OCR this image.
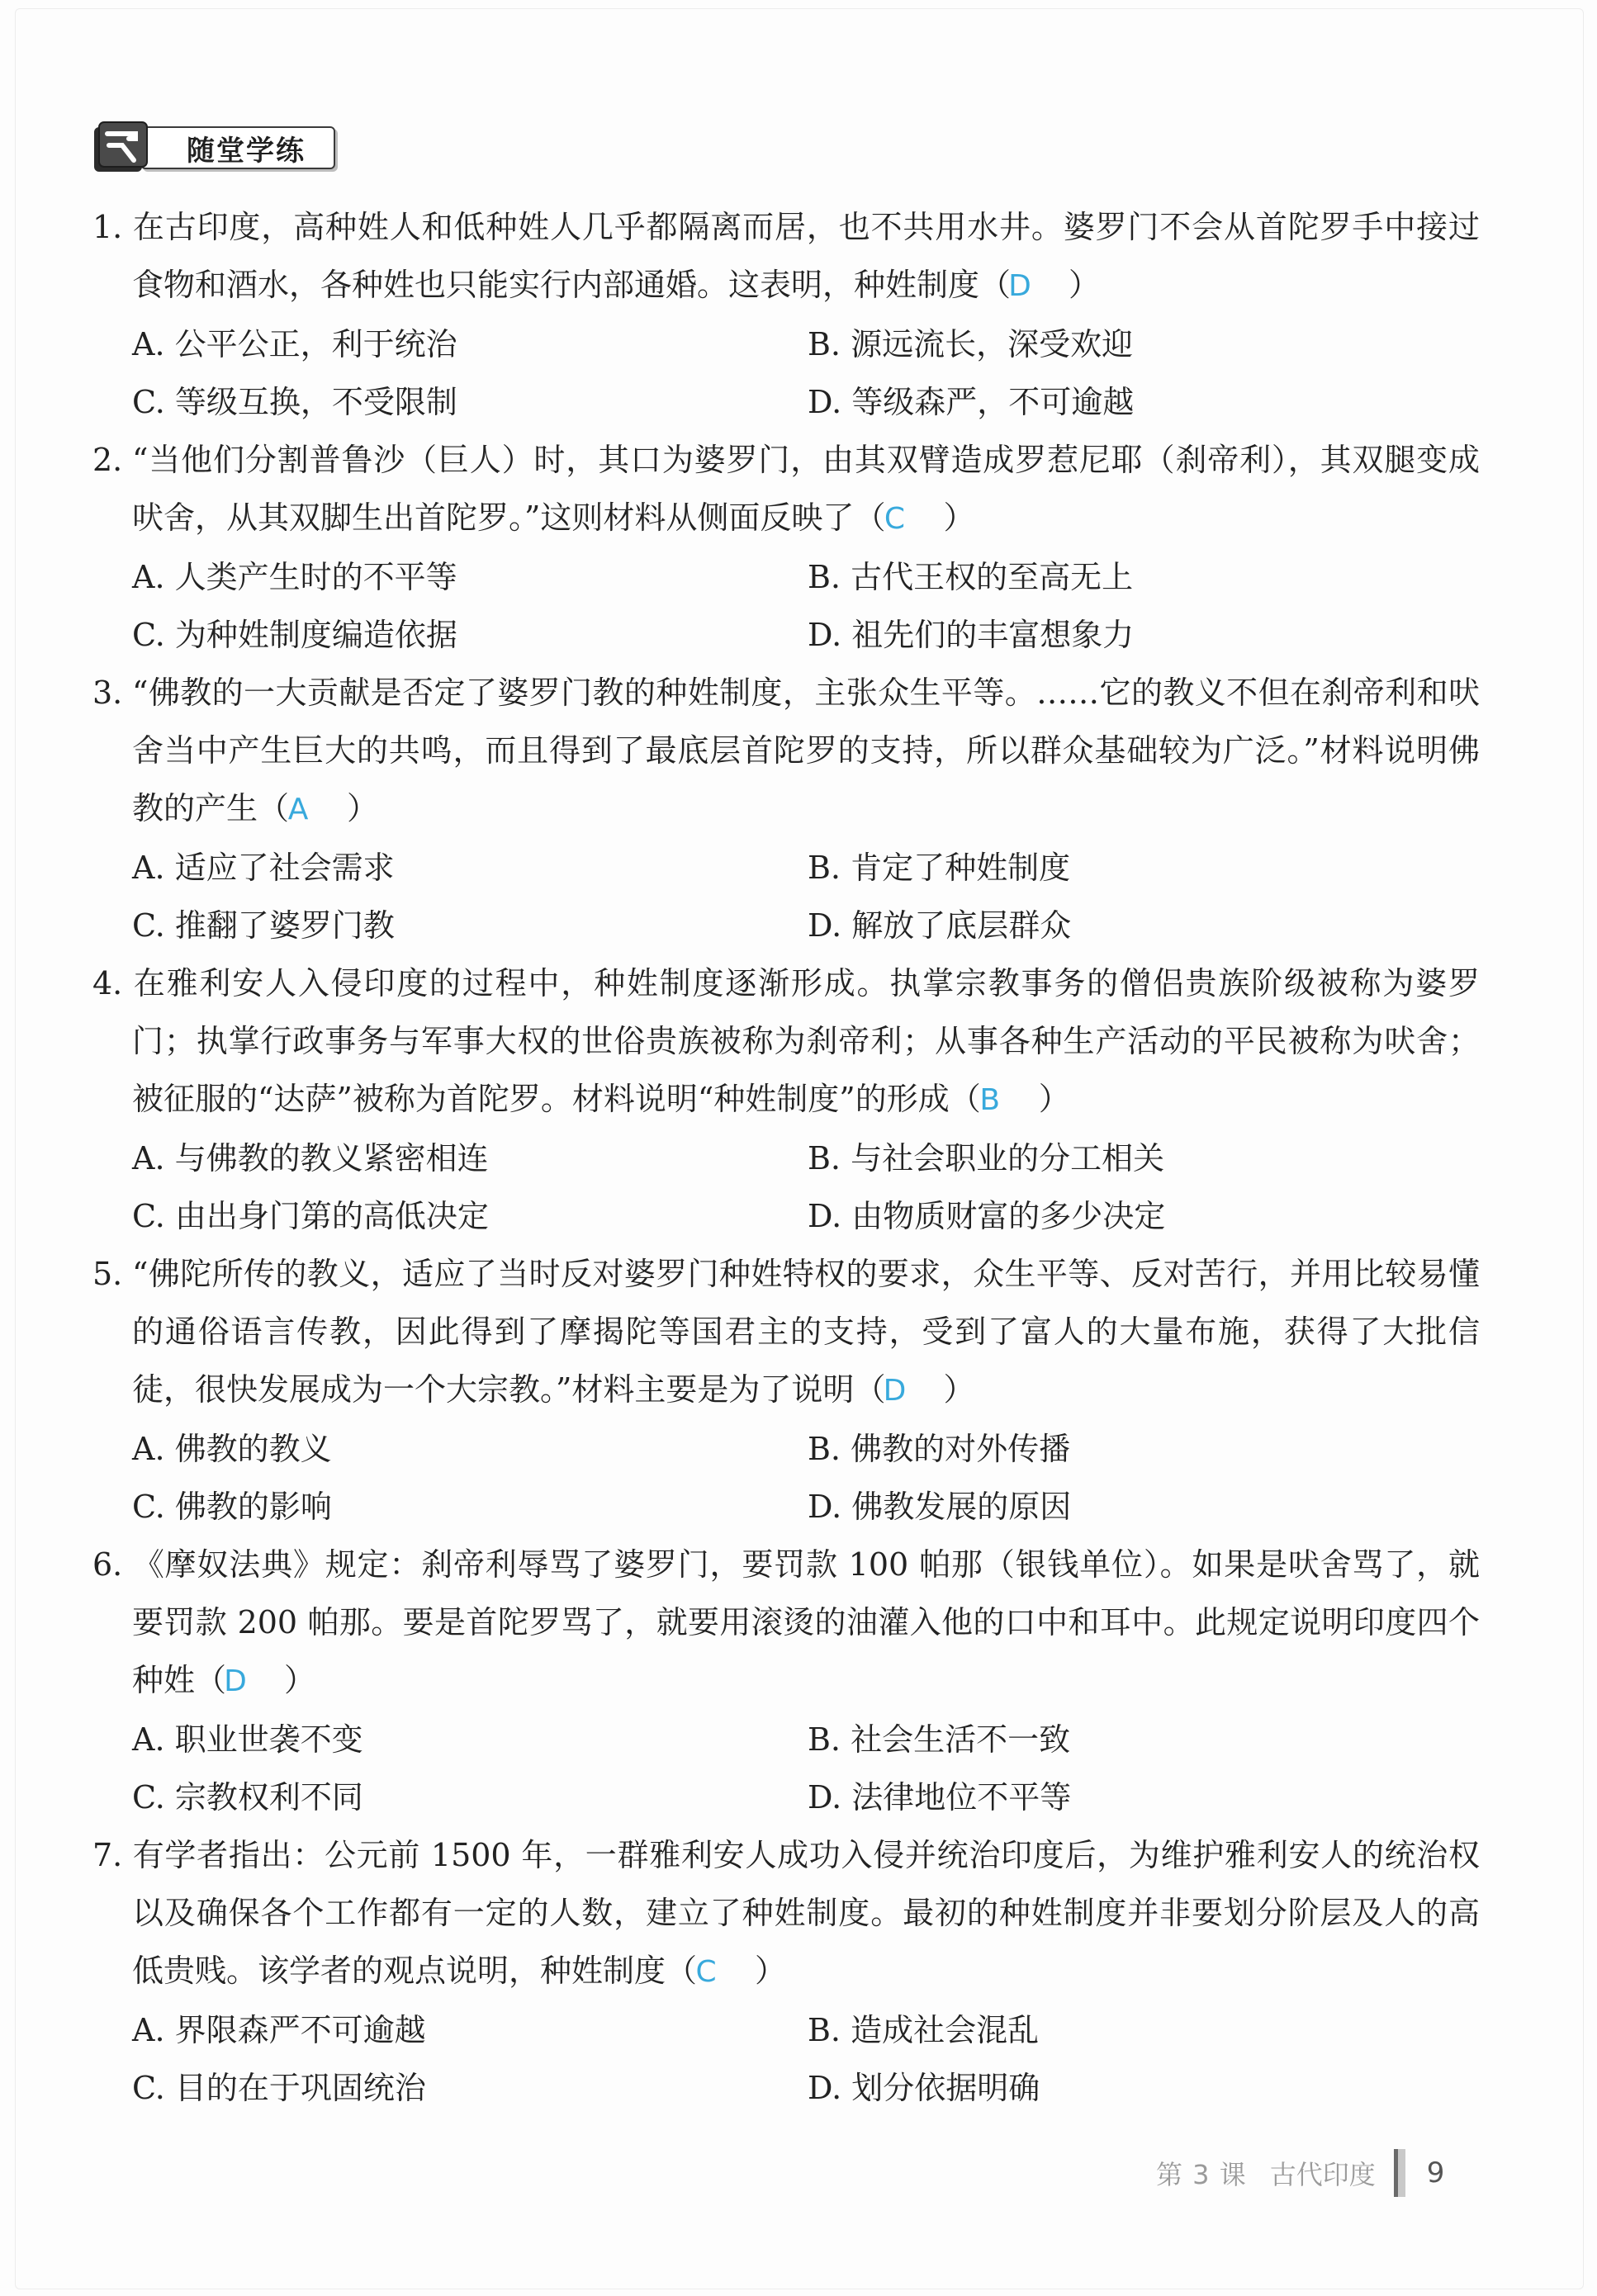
随堂学练
1. 在古印度，高种姓人和低种姓人几乎都隔离而居，也不共用水井。婆罗门不会从首陀罗手中接过食物和酒水，各种姓也只能实行内部通婚。这表明，种姓制度（D ）
A. 公平公正，利于统治	B. 源远流长，深受欢迎
C. 等级互换，不受限制	D. 等级森严，不可逾越
2. “当他们分割普鲁沙（巨人）时，其口为婆罗门，由其双臂造成罗惹尼耶（刹帝利），其双腿变成吠舍，从其双脚生出首陀罗。”这则材料从侧面反映了（C ）
A. 人类产生时的不平等	B. 古代王权的至高无上
C. 为种姓制度编造依据	D. 祖先们的丰富想象力
3. “佛教的一大贡献是否定了婆罗门教的种姓制度，主张众生平等。……它的教义不但在刹帝利和吠舍当中产生巨大的共鸣，而且得到了最底层首陀罗的支持，所以群众基础较为广泛。”材料说明佛教的产生（A ）
A. 适应了社会需求	B. 肯定了种姓制度
C. 推翻了婆罗门教	D. 解放了底层群众
4. 在雅利安人入侵印度的过程中，种姓制度逐渐形成。执掌宗教事务的僧侣贵族阶级被称为婆罗门；执掌行政事务与军事大权的世俗贵族被称为刹帝利；从事各种生产活动的平民被称为吠舍；被征服的“达萨”被称为首陀罗。材料说明“种姓制度”的形成（B ）
A. 与佛教的教义紧密相连	B. 与社会职业的分工相关
C. 由出身门第的高低决定	D. 由物质财富的多少决定
5. “佛陀所传的教义，适应了当时反对婆罗门种姓特权的要求，众生平等、反对苦行，并用比较易懂的通俗语言传教，因此得到了摩揭陀等国君主的支持，受到了富人的大量布施，获得了大批信徒，很快发展成为一个大宗教。”材料主要是为了说明（D ）
A. 佛教的教义	B. 佛教的对外传播
C. 佛教的影响	D. 佛教发展的原因
6. 《摩奴法典》规定：刹帝利辱骂了婆罗门，要罚款 100 帕那（银钱单位）。如果是吠舍骂了，就要罚款 200 帕那。要是首陀罗骂了，就要用滚烫的油灌入他的口中和耳中。此规定说明印度四个种姓（D ）
A. 职业世袭不变	B. 社会生活不一致
C. 宗教权利不同	D. 法律地位不平等
7. 有学者指出：公元前 1500 年，一群雅利安人成功入侵并统治印度后，为维护雅利安人的统治权以及确保各个工作都有一定的人数，建立了种姓制度。最初的种姓制度并非要划分阶层及人的高低贵贱。该学者的观点说明，种姓制度（C ）
A. 界限森严不可逾越	B. 造成社会混乱
C. 目的在于巩固统治	D. 划分依据明确
第 3 课 古代印度 9
